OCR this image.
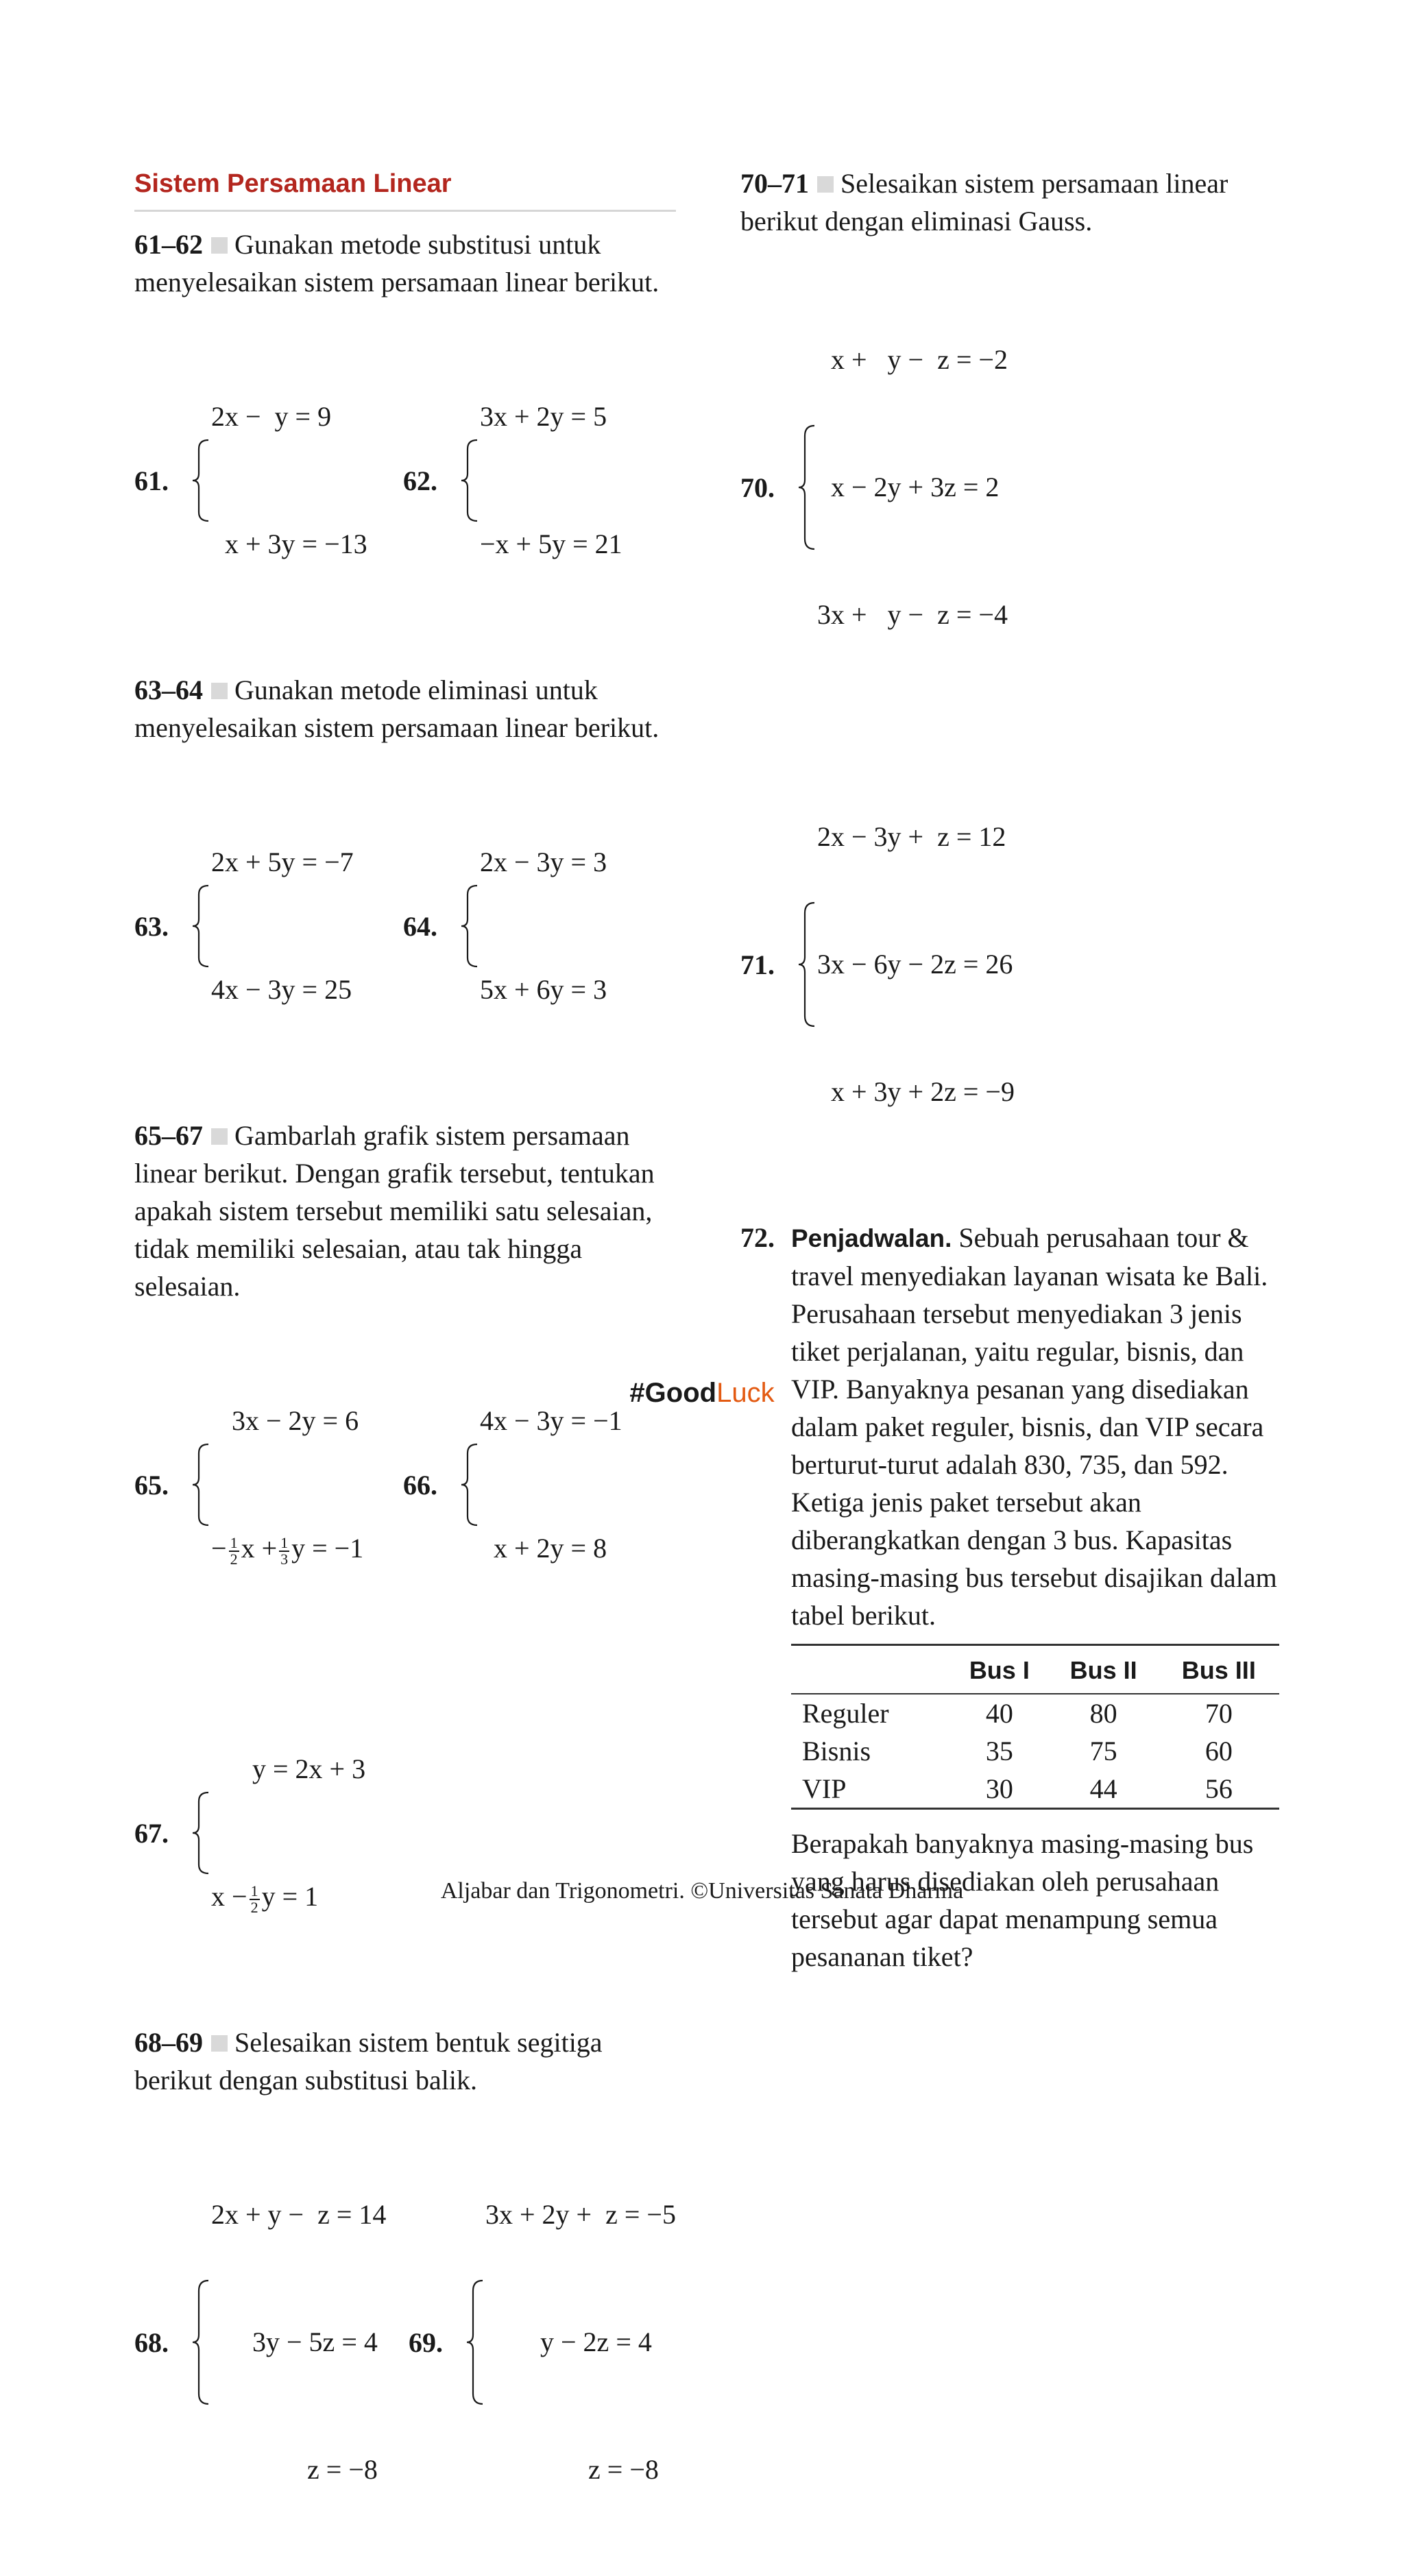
Sistem Persamaan Linear

61–62 Gunakan metode substitusi untuk menyelesaikan sistem persamaan linear berikut.

61.

2x −  y = 9

x + 3y = −13

62.

3x + 2y = 5

−x + 5y = 21

63–64 Gunakan metode eliminasi untuk menyelesaikan sistem persamaan linear berikut.

63.

2x + 5y = −7

4x − 3y = 25

64.

2x − 3y = 3

5x + 6y = 3

65–67 Gambarlah grafik sistem persamaan linear berikut. Dengan grafik tersebut, tentukan apakah sistem tersebut memiliki satu selesaian, tidak memiliki selesaian, atau tak hingga selesaian.

65.

3x − 2y = 6

− $\frac{1}{2}$ $x + \frac{1}{3}$ y = −1

66.

4x − 3y = −1

x + 2y = 8

67.

y = 2x + 3

$x - \frac{1}{2}$ y = 1

68–69 Selesaikan sistem bentuk segitiga berikut dengan substitusi balik.

68.

2x + y −  z = 14

3y − 5z = 4

z = −8

69.

3x + 2y +  z = −5

y − 2z = 4

z = −8

70–71 Selesaikan sistem persamaan linear berikut dengan eliminasi Gauss.

70.

x +   y −  z = −2

x − 2y + 3z = 2

3x +   y −  z = −4

71.

2x − 3y +  z = 12

3x − 6y − 2z = 26

x + 3y + 2z = −9

72. Penjadwalan. Sebuah perusahaan tour & travel menyediakan layanan wisata ke Bali. Perusahaan tersebut menyediakan 3 jenis tiket perjalanan, yaitu regular, bisnis, dan VIP. Banyaknya pesanan yang disediakan dalam paket reguler, bisnis, dan VIP secara berturut-turut adalah 830, 735, dan 592. Ketiga jenis paket tersebut akan diberangkatkan dengan 3 bus. Kapasitas masing-masing bus tersebut disajikan dalam tabel berikut.
	Bus I	Bus II	Bus III
Reguler	40	80	70
Bisnis	35	75	60
VIP	30	44	56

Berapakah banyaknya masing-masing bus yang harus disediakan oleh perusahaan tersebut agar dapat menampung semua pesananan tiket?

#GoodLuck
Aljabar dan Trigonometri. ©Universitas Sanata Dharma
